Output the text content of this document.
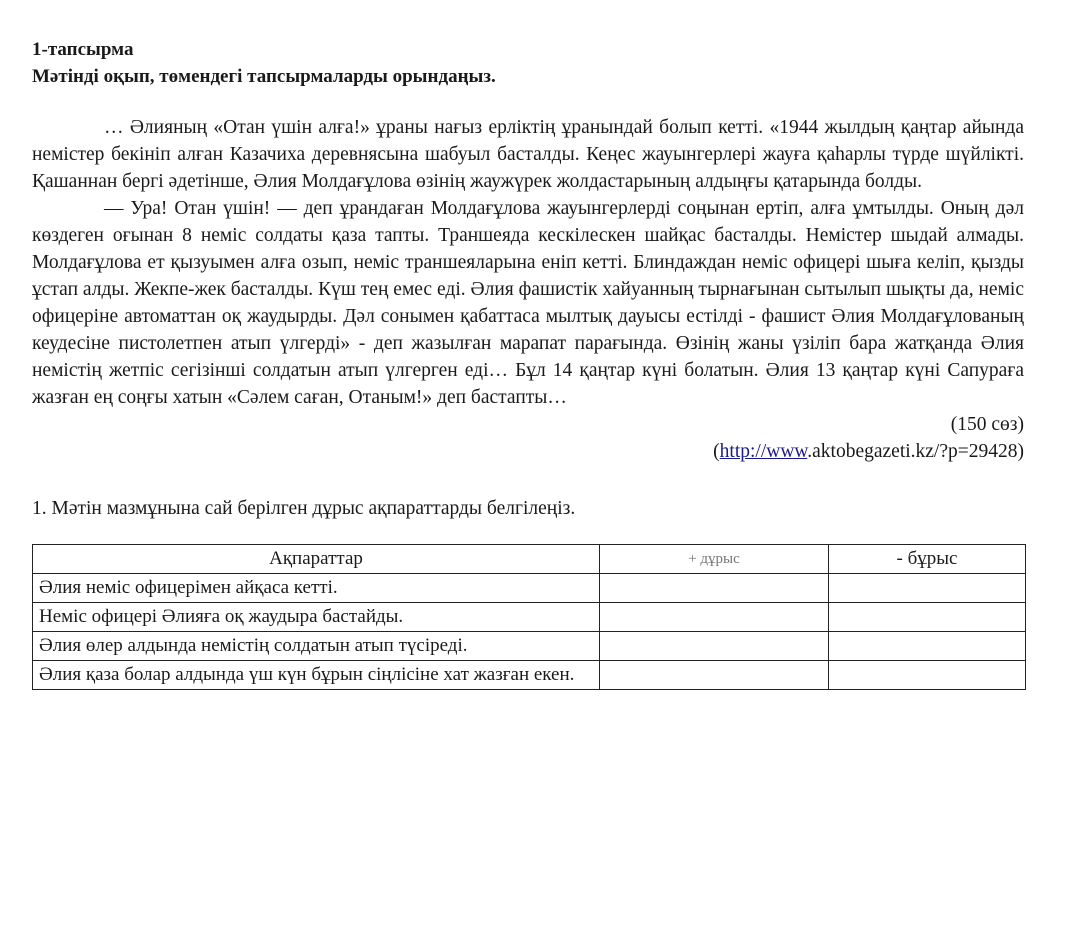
1-тапсырма
Мәтінді оқып, төмендегі тапсырмаларды орындаңыз.

… Әлияның «Отан үшін алға!» ұраны нағыз ерліктің ұранындай болып кетті. «1944 жылдың қаңтар айында немістер бекініп алған Казачиха деревнясына шабуыл басталды. Кеңес жауынгерлері жауға қаһарлы түрде шүйлікті. Қашаннан бергі әдетінше, Әлия Молдағұлова өзінің жаужүрек жолдастарының алдыңғы қатарында болды.

— Ура! Отан үшін! — деп ұрандаған Молдағұлова жауынгерлерді соңынан ертіп, алға ұмтылды. Оның дәл көздеген оғынан 8 неміс солдаты қаза тапты. Траншеяда кескілескен шайқас басталды. Немістер шыдай алмады. Молдағұлова ет қызуымен алға озып, неміс траншеяларына еніп кетті. Блиндаждан неміс офицері шыға келіп, қызды ұстап алды. Жекпе-жек басталды. Күш тең емес еді. Әлия фашистік хайуанның тырнағынан сытылып шықты да, неміс офицеріне автоматтан оқ жаудырды. Дәл сонымен қабаттаса мылтық дауысы естілді - фашист Әлия Молдағұлованың кеудесіне пистолетпен атып үлгерді» - деп жазылған марапат парағында. Өзінің жаны үзіліп бара жатқанда Әлия немістің жетпіс сегізінші солдатын атып үлгерген еді… Бұл 14 қаңтар күні болатын. Әлия 13 қаңтар күні Сапураға жазған ең соңғы хатын «Сәлем саған, Отаным!» деп бастапты…

(150 сөз)
(http://www.aktobegazeti.kz/?p=29428)
1. Мәтін мазмұнына сай берілген дұрыс ақпараттарды белгілеңіз.
Ақпараттар	+ дұрыс	- бұрыс
Әлия неміс офицерімен айқаса кетті.		
Неміс офицері Әлияға оқ жаудыра бастайды.		
Әлия өлер алдында немістің солдатын атып түсіреді.		
Әлия қаза болар алдында үш күн бұрын сіңлісіне хат жазған екен.		
